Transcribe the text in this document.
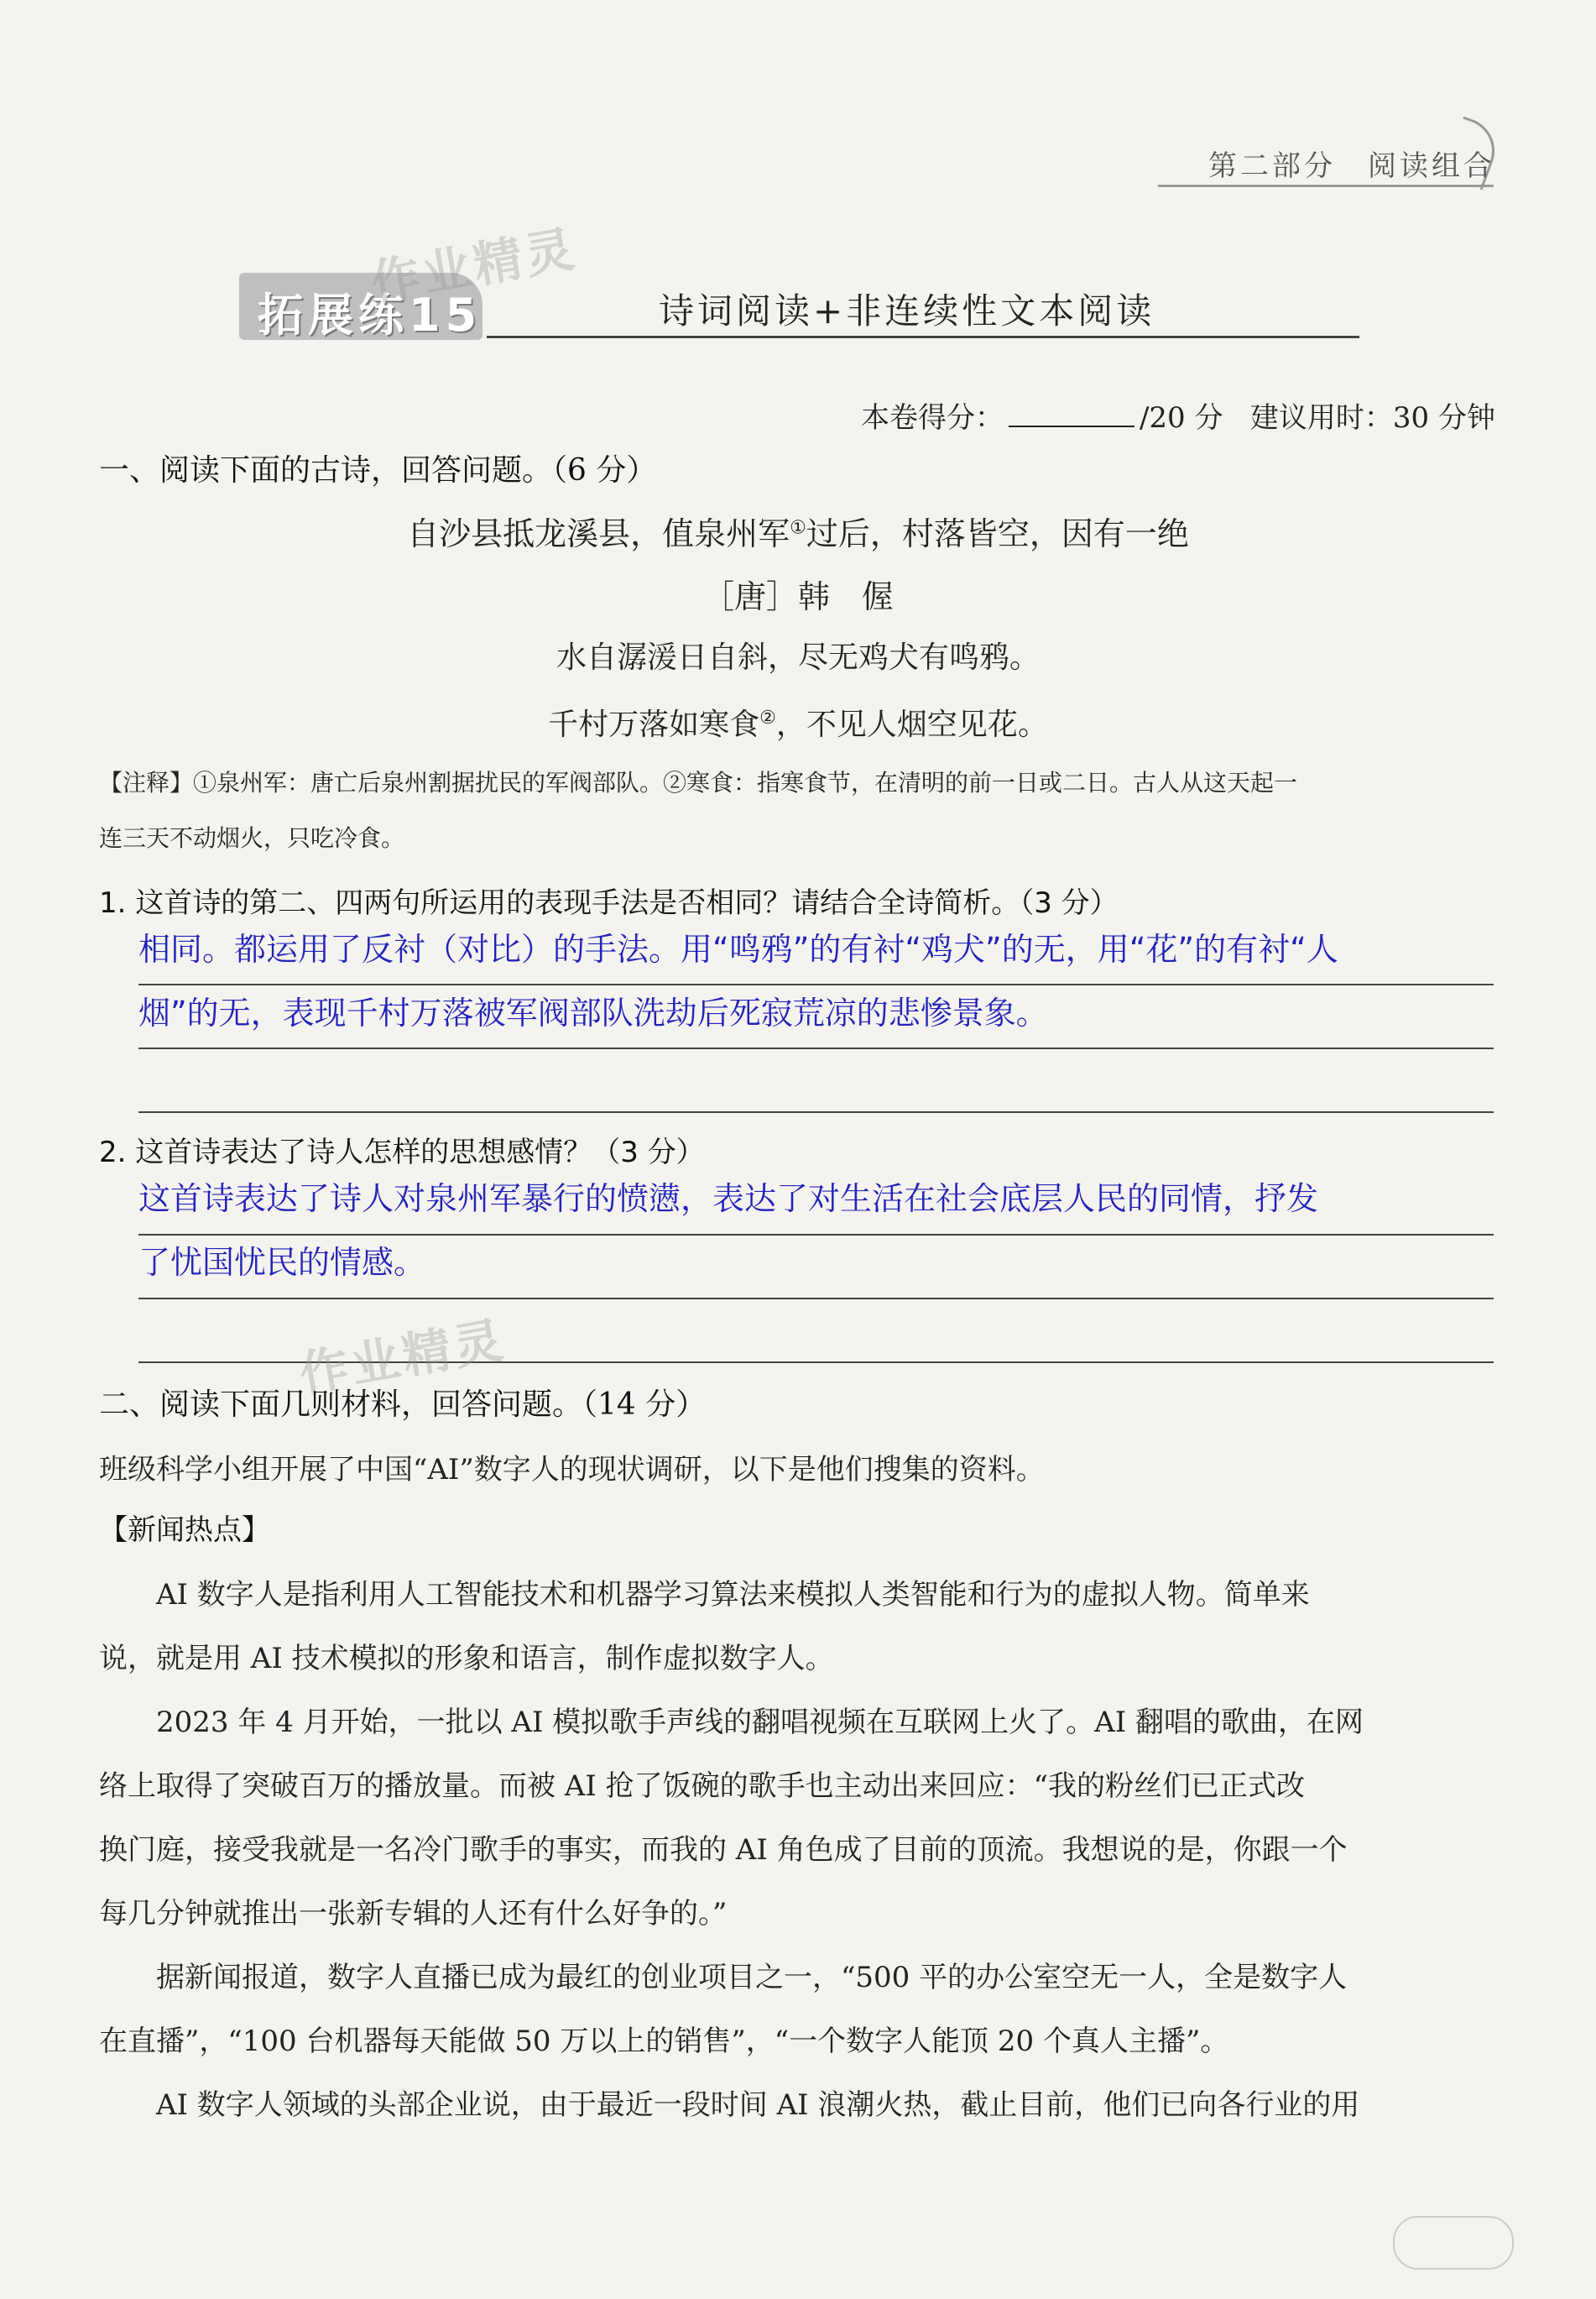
第二部分　阅读组合
拓展练15
作业精灵 诗词阅读+非连续性文本阅读
本卷得分：	/20 分 建议用时：30 分钟
一、阅读下面的古诗，回答问题。（6 分）
自沙县抵龙溪县，值泉州军①过后，村落皆空，因有一绝
［唐］韩　偓
水自潺湲日自斜，尽无鸡犬有鸣鸦。
千村万落如寒食②，不见人烟空见花。
【注释】①泉州军：唐亡后泉州割据扰民的军阀部队。②寒食：指寒食节，在清明的前一日或二日。古人从这天起一
连三天不动烟火，只吃冷食。
1. 这首诗的第二、四两句所运用的表现手法是否相同？请结合全诗简析。（3 分）
相同。都运用了反衬（对比）的手法。用“鸣鸦”的有衬“鸡犬”的无，用“花”的有衬“人
烟”的无，表现千村万落被军阀部队洗劫后死寂荒凉的悲惨景象。
2. 这首诗表达了诗人怎样的思想感情？（3 分）
这首诗表达了诗人对泉州军暴行的愤懑，表达了对生活在社会底层人民的同情，抒发
了忧国忧民的情感。
作业精灵
二、阅读下面几则材料，回答问题。（14 分）
班级科学小组开展了中国“AI”数字人的现状调研，以下是他们搜集的资料。
【新闻热点】
　　AI 数字人是指利用人工智能技术和机器学习算法来模拟人类智能和行为的虚拟人物。简单来
说，就是用 AI 技术模拟的形象和语言，制作虚拟数字人。
　　2023 年 4 月开始，一批以 AI 模拟歌手声线的翻唱视频在互联网上火了。AI 翻唱的歌曲，在网
络上取得了突破百万的播放量。而被 AI 抢了饭碗的歌手也主动出来回应：“我的粉丝们已正式改
换门庭，接受我就是一名冷门歌手的事实，而我的 AI 角色成了目前的顶流。我想说的是，你跟一个
每几分钟就推出一张新专辑的人还有什么好争的。”
　　据新闻报道，数字人直播已成为最红的创业项目之一，“500 平的办公室空无一人，全是数字人
在直播”，“100 台机器每天能做 50 万以上的销售”，“一个数字人能顶 20 个真人主播”。
　　AI 数字人领域的头部企业说，由于最近一段时间 AI 浪潮火热，截止目前，他们已向各行业的用
